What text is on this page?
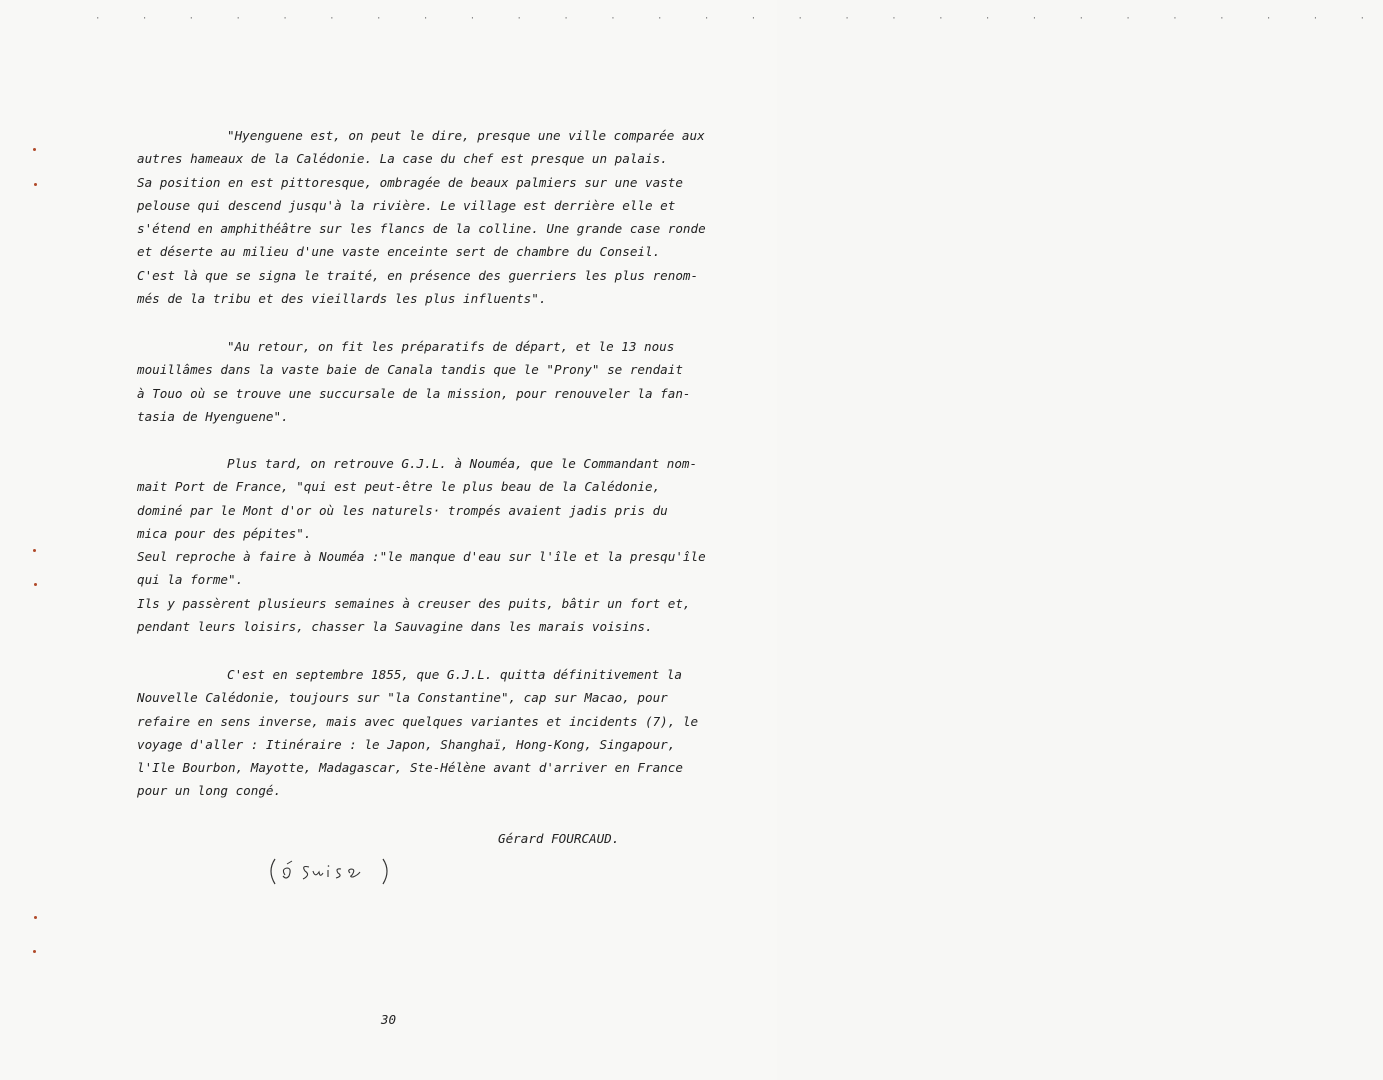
· · · · · · · · · · · · · · · · · · · · · · · · · · · ·
"Hyenguene est, on peut le dire, presque une ville comparée aux
autres hameaux de la Calédonie. La case du chef est presque un palais.
Sa position en est pittoresque, ombragée de beaux palmiers sur une vaste
pelouse qui descend jusqu'à la rivière. Le village est derrière elle et
s'étend en amphithéâtre sur les flancs de la colline. Une grande case ronde
et déserte au milieu d'une vaste enceinte sert de chambre du Conseil.
C'est là que se signa le traité, en présence des guerriers les plus renom-
més de la tribu et des vieillards les plus influents".
"Au retour, on fit les préparatifs de départ, et le 13 nous
mouillâmes dans la vaste baie de Canala tandis que le "Prony" se rendait
à Touo où se trouve une succursale de la mission, pour renouveler la fan-
tasia de Hyenguene".
Plus tard, on retrouve G.J.L. à Nouméa, que le Commandant nom-
mait Port de France, "qui est peut-être le plus beau de la Calédonie,
dominé par le Mont d'or où les naturels· trompés avaient jadis pris du
mica pour des pépites".
Seul reproche à faire à Nouméa :"le manque d'eau sur l'île et la presqu'île
qui la forme".
Ils y passèrent plusieurs semaines à creuser des puits, bâtir un fort et,
pendant leurs loisirs, chasser la Sauvagine dans les marais voisins.
C'est en septembre 1855, que G.J.L. quitta définitivement la
Nouvelle Calédonie, toujours sur "la Constantine", cap sur Macao, pour
refaire en sens inverse, mais avec quelques variantes et incidents (7), le
voyage d'aller : Itinéraire : le Japon, Shanghaï, Hong-Kong, Singapour,
l'Ile Bourbon, Mayotte, Madagascar, Ste-Hélène avant d'arriver en France
pour un long congé.
Gérard FOURCAUD.
30
